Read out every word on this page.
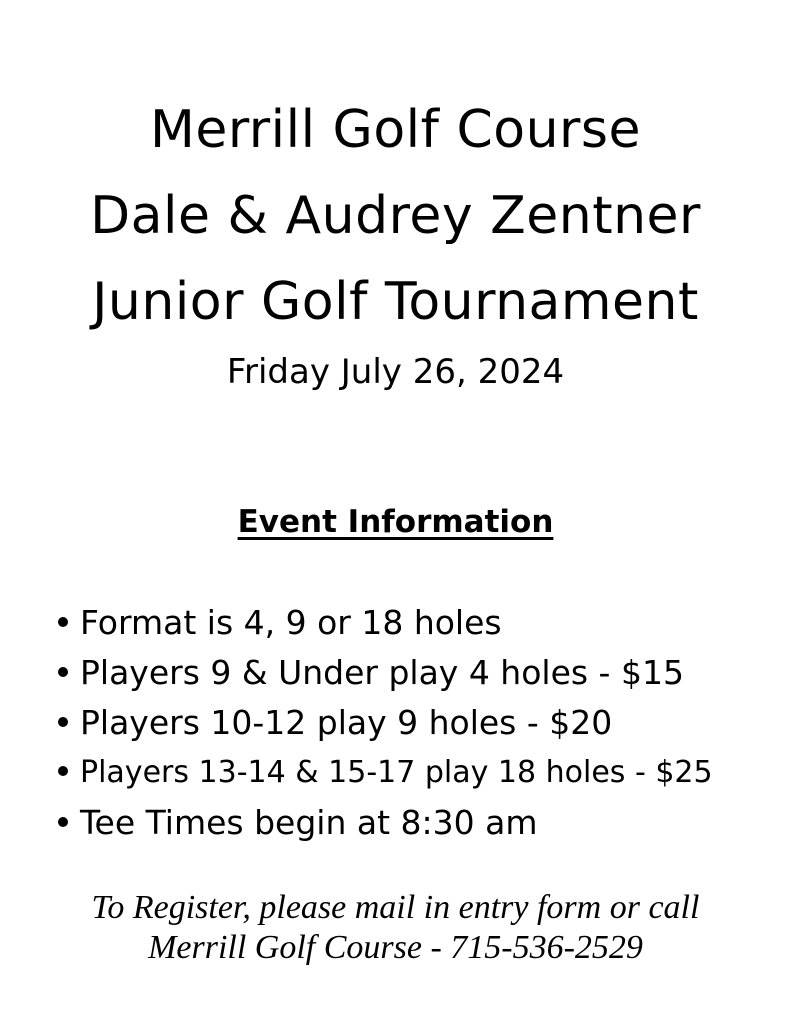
Merrill Golf Course
Dale & Audrey Zentner
Junior Golf Tournament
Friday July 26, 2024
Event Information
Format is 4, 9 or 18 holes
Players 9 & Under play 4 holes - $15
Players 10-12 play 9 holes - $20
Players 13-14 & 15-17 play 18 holes - $25
Tee Times begin at 8:30 am
To Register, please mail in entry form or call
Merrill Golf Course - 715-536-2529
